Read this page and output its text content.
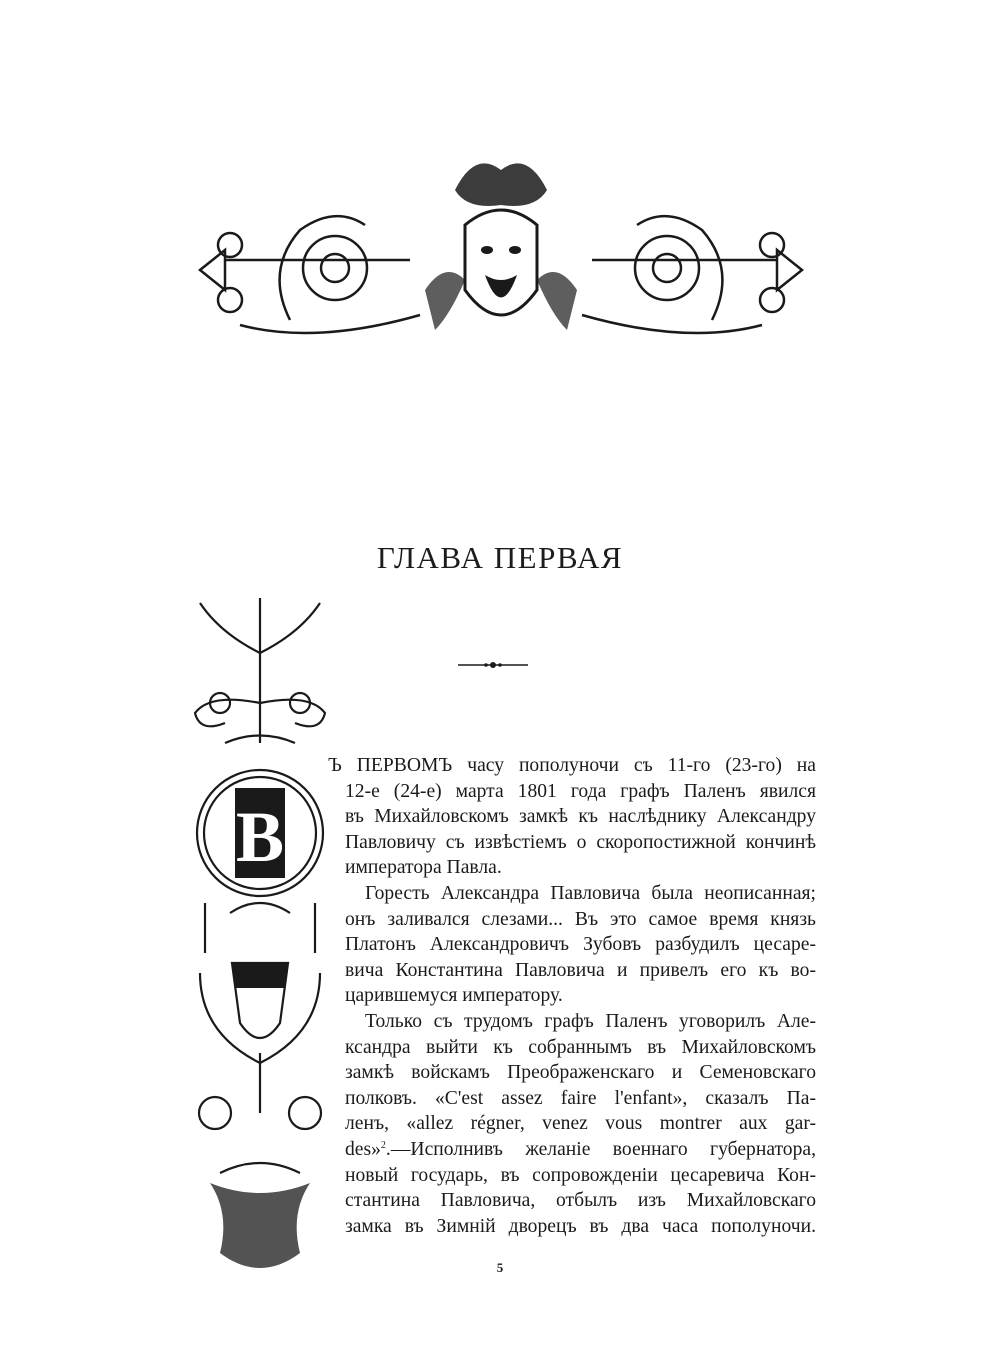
ГЛАВА ПЕРВАЯ
В
Ъ ПЕРВОМЪ часу пополуночи съ 11-го (23-го) на
12-е (24-е) марта 1801 года графъ Паленъ явился
въ Михайловскомъ замкѣ къ наслѣднику Александру
Павловичу съ извѣстіемъ о скоропостижной кончинѣ
императора Павла.
Горесть Александра Павловича была неописанная;
онъ заливался слезами... Въ это самое время князь
Платонъ Александровичъ Зубовъ разбудилъ цесаре-
вича Константина Павловича и привелъ его къ во-
царившемуся императору.
Только съ трудомъ графъ Паленъ уговорилъ Але-
ксандра выйти къ собраннымъ въ Михайловскомъ
замкѣ войскамъ Преображенскаго и Семеновскаго
полковъ. «C'est assez faire l'enfant», сказалъ Па-
ленъ, «allez régner, venez vous montrer aux gar-
des»$^2$.—Исполнивъ желаніе военнаго губернатора,
новый государь, въ сопровожденіи цесаревича Кон-
стантина Павловича, отбылъ изъ Михайловскаго
замка въ Зимній дворецъ въ два часа пополуночи.
5
